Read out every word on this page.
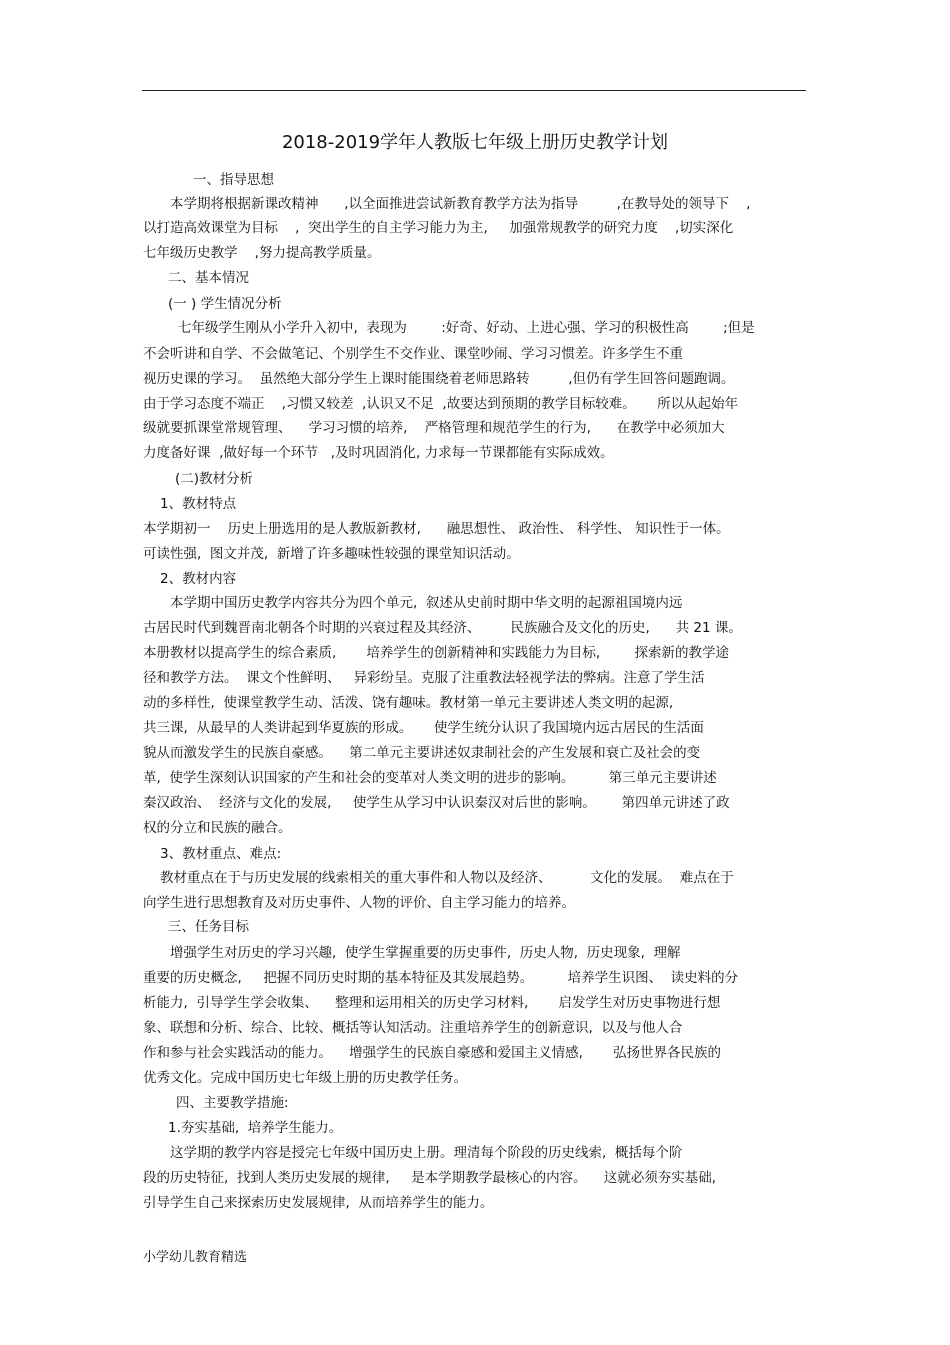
2018-2019学年人教版七年级上册历史教学计划
一、指导思想
本学期将根据新课改精神      ,以全面推进尝试新教育教学方法为指导         ,在教导处的领导下    ,
以打造高效课堂为目标    ,  突出学生的自主学习能力为主,     加强常规教学的研究力度    ,切实深化
七年级历史教学    ,努力提高教学质量。
二、基本情况
(一 ) 学生情况分析
七年级学生刚从小学升入初中,  表现为        :好奇、好动、上进心强、学习的积极性高        ;但是
不会听讲和自学、不会做笔记、个别学生不交作业、课堂吵闹、学习习惯差。许多学生不重
视历史课的学习。  虽然绝大部分学生上课时能围绕着老师思路转         ,但仍有学生回答问题跑调。
由于学习态度不端正    ,习惯又较差  ,认识又不足  ,故要达到预期的教学目标较难。     所以从起始年
级就要抓课堂常规管理、    学习习惯的培养,    严格管理和规范学生的行为,      在教学中必须加大
力度备好课  ,做好每一个环节   ,及时巩固消化, 力求每一节课都能有实际成效。
(二)教材分析
1、教材特点
本学期初一    历史上册选用的是人教版新教材,      融思想性、 政治性、 科学性、 知识性于一体。
可读性强,  图文并茂,  新增了许多趣味性较强的课堂知识活动。
2、教材内容
本学期中国历史教学内容共分为四个单元,  叙述从史前时期中华文明的起源祖国境内远
古居民时代到魏晋南北朝各个时期的兴衰过程及其经济、       民族融合及文化的历史,      共 21 课。
本册教材以提高学生的综合素质,       培养学生的创新精神和实践能力为目标,        探索新的教学途
径和教学方法。  课文个性鲜明、   异彩纷呈。克服了注重教法轻视学法的弊病。注意了学生活
动的多样性,  使课堂教学生动、活泼、饶有趣味。教材第一单元主要讲述人类文明的起源,
共三课,  从最早的人类讲起到华夏族的形成。     使学生统分认识了我国境内远古居民的生活面
貌从而激发学生的民族自豪感。    第二单元主要讲述奴隶制社会的产生发展和衰亡及社会的变
革,  使学生深刻认识国家的产生和社会的变革对人类文明的进步的影响。        第三单元主要讲述
秦汉政治、  经济与文化的发展,     使学生从学习中认识秦汉对后世的影响。      第四单元讲述了政
权的分立和民族的融合。
3、教材重点、难点:
教材重点在于与历史发展的线索相关的重大事件和人物以及经济、         文化的发展。  难点在于
向学生进行思想教育及对历史事件、人物的评价、自主学习能力的培养。
三、任务目标
增强学生对历史的学习兴趣,  使学生掌握重要的历史事件,  历史人物,  历史现象,  理解
重要的历史概念,     把握不同历史时期的基本特征及其发展趋势。        培养学生识图、  读史料的分
析能力,  引导学生学会收集、    整理和运用相关的历史学习材料,       启发学生对历史事物进行想
象、联想和分析、综合、比较、概括等认知活动。注重培养学生的创新意识,  以及与他人合
作和参与社会实践活动的能力。    增强学生的民族自豪感和爱国主义情感,       弘扬世界各民族的
优秀文化。完成中国历史七年级上册的历史教学任务。
四、主要教学措施:
1.夯实基础,  培养学生能力。
这学期的教学内容是授完七年级中国历史上册。理清每个阶段的历史线索,  概括每个阶
段的历史特征,  找到人类历史发展的规律,     是本学期教学最核心的内容。    这就必须夯实基础,
引导学生自己来探索历史发展规律,  从而培养学生的能力。
小学幼儿教育精选
